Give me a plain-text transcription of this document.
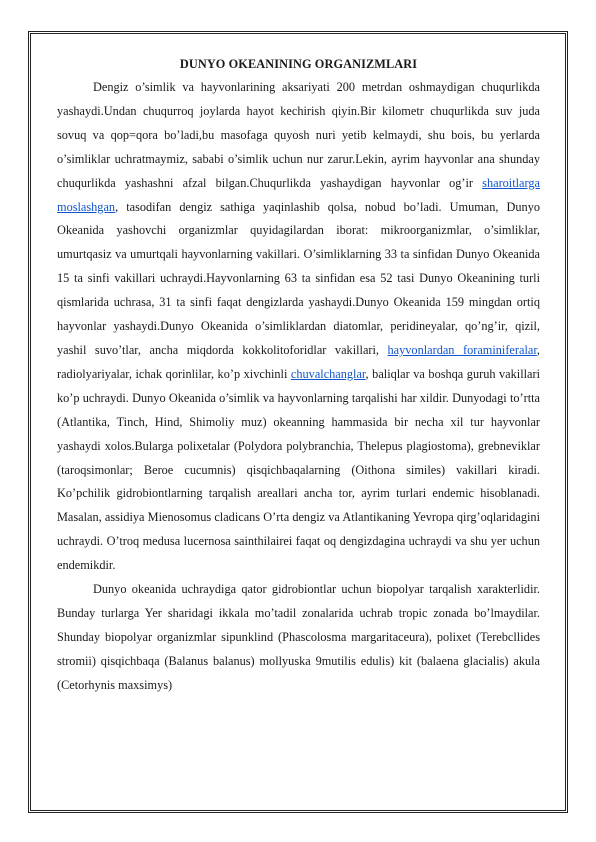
DUNYO OKEANINING ORGANIZMLARI

Dengiz o’simlik va hayvonlarining aksariyati 200 metrdan oshmaydigan chuqurlikda yashaydi.Undan chuqurroq joylarda hayot kechirish qiyin.Bir kilometr chuqurlikda suv juda sovuq va qop=qora bo’ladi,bu masofaga quyosh nuri yetib kelmaydi, shu bois, bu yerlarda o’simliklar uchratmaymiz, sababi o’simlik uchun nur zarur.Lekin, ayrim hayvonlar ana shunday chuqurlikda yashashni afzal bilgan.Chuqurlikda yashaydigan hayvonlar og’ir sharoitlarga moslashgan, tasodifan dengiz sathiga yaqinlashib qolsa, nobud bo’ladi. Umuman, Dunyo Okeanida yashovchi organizmlar quyidagilardan iborat: mikroorganizmlar, o’simliklar, umurtqasiz va umurtqali hayvonlarning vakillari. O’simliklarning 33 ta sinfidan Dunyo Okeanida 15 ta sinfi vakillari uchraydi.Hayvonlarning 63 ta sinfidan esa 52 tasi Dunyo Okeanining turli qismlarida uchrasa, 31 ta sinfi faqat dengizlarda yashaydi.Dunyo Okeanida 159 mingdan ortiq hayvonlar yashaydi.Dunyo Okeanida o’simliklardan diatomlar, peridineyalar, qo’ng’ir, qizil, yashil suvo’tlar, ancha miqdorda kokkolitoforidlar vakillari, hayvonlardan foraminiferalar, radiolyariyalar, ichak qorinlilar, ko’p xivchinli chuvalchanglar, baliqlar va boshqa guruh vakillari ko’p uchraydi. Dunyo Okeanida o’simlik va hayvonlarning tarqalishi har xildir. Dunyodagi to’rtta (Atlantika, Tinch, Hind, Shimoliy muz) okeanning hammasida bir necha xil tur hayvonlar yashaydi xolos.Bularga polixetalar (Polydora polybranchia, Thelepus plagiostoma), grebneviklar (taroqsimonlar; Beroe cucumnis) qisqichbaqalarning (Oithona similes) vakillari kiradi. Ko’pchilik gidrobiontlarning tarqalish areallari ancha tor, ayrim turlari endemic hisoblanadi. Masalan, assidiya Mienosomus cladicans O’rta dengiz va Atlantikaning Yevropa qirg’oqlaridagini uchraydi. O’troq medusa lucernosa sainthilairei faqat oq dengizdagina uchraydi va shu yer uchun endemikdir.

Dunyo okeanida uchraydiga qator gidrobiontlar uchun biopolyar tarqalish xarakterlidir. Bunday turlarga Yer sharidagi ikkala mo’tadil zonalarida uchrab tropic zonada bo’lmaydilar. Shunday biopolyar organizmlar sipunklind (Phascolosma margaritaceura), polixet (Terebcllides stromii) qisqichbaqa (Balanus balanus) mollyuska 9mutilis edulis) kit (balaena glacialis) akula (Cetorhynis maxsimys)
